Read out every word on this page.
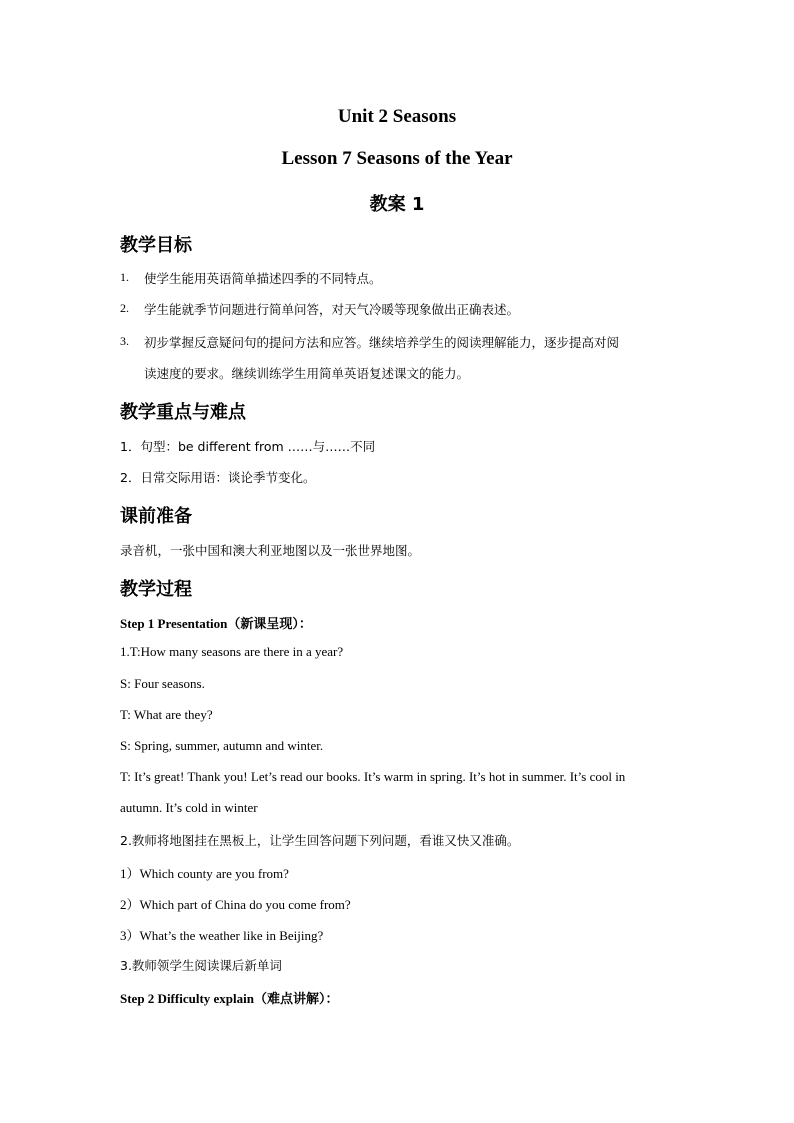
Unit 2 Seasons
Lesson 7 Seasons of the Year
教案 1
教学目标
1. 使学生能用英语简单描述四季的不同特点。
2. 学生能就季节问题进行简单问答，对天气冷暖等现象做出正确表述。
3. 初步掌握反意疑问句的提问方法和应答。继续培养学生的阅读理解能力，逐步提高对阅
读速度的要求。继续训练学生用简单英语复述课文的能力。
教学重点与难点
1．句型：be different from ……与……不同
2．日常交际用语：谈论季节变化。
课前准备
录音机，一张中国和澳大利亚地图以及一张世界地图。
教学过程
Step 1 Presentation（新课呈现）：
1.T:How many seasons are there in a year?
S: Four seasons.
T: What are they?
S: Spring, summer, autumn and winter.
T: It’s great! Thank you! Let’s read our books. It’s warm in spring. It’s hot in summer. It’s cool in
autumn. It’s cold in winter
2.教师将地图挂在黑板上，让学生回答问题下列问题，看谁又快又准确。
1）Which county are you from?
2）Which part of China do you come from?
3）What’s the weather like in Beijing?
3.教师领学生阅读课后新单词
Step 2 Difficulty explain（难点讲解）：
